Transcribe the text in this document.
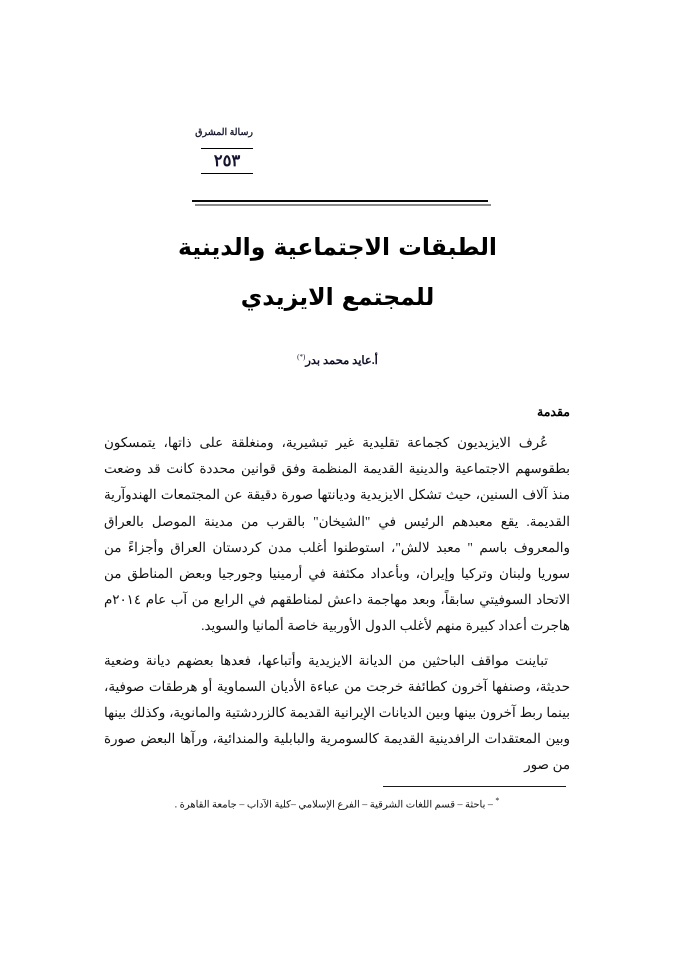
رسالة المشرق
٢٥٣
الطبقات الاجتماعية والدينية
للمجتمع الايزيدي
أ.عايد محمد بدر(*)
مقدمة

عُرف الايزيديون كجماعة تقليدية غير تبشيرية، ومنغلقة على ذاتها، يتمسكون بطقوسهم الاجتماعية والدينية القديمة المنظمة وفق قوانين محددة كانت قد وضعت منذ آلاف السنين، حيث تشكل الايزيدية وديانتها صورة دقيقة عن المجتمعات الهندوآرية القديمة. يقع معبدهم الرئيس في "الشيخان" بالقرب من مدينة الموصل بالعراق والمعروف باسم " معبد لالش"، استوطنوا أغلب مدن كردستان العراق وأجزاءً من سوريا ولبنان وتركيا وإيران، وبأعداد مكثفة في أرمينيا وجورجيا وبعض المناطق من الاتحاد السوفيتي سابقاً، وبعد مهاجمة داعش لمناطقهم في الرابع من آب عام ٢٠١٤م هاجرت أعداد كبيرة منهم لأغلب الدول الأوربية خاصة ألمانيا والسويد.

تباينت مواقف الباحثين من الديانة الايزيدية وأتباعها، فعدها بعضهم ديانة وضعية حديثة، وصنفها آخرون كطائفة خرجت من عباءة الأديان السماوية أو هرطقات صوفية، بينما ربط آخرون بينها وبين الديانات الإيرانية القديمة كالزردشتية والمانوية، وكذلك بينها وبين المعتقدات الرافدينية القديمة كالسومرية والبابلية والمندائية، ورآها البعض صورة من صور

* – باحثة – قسم اللغات الشرقية – الفرع الإسلامي –كلية الآداب – جامعة القاهرة .
